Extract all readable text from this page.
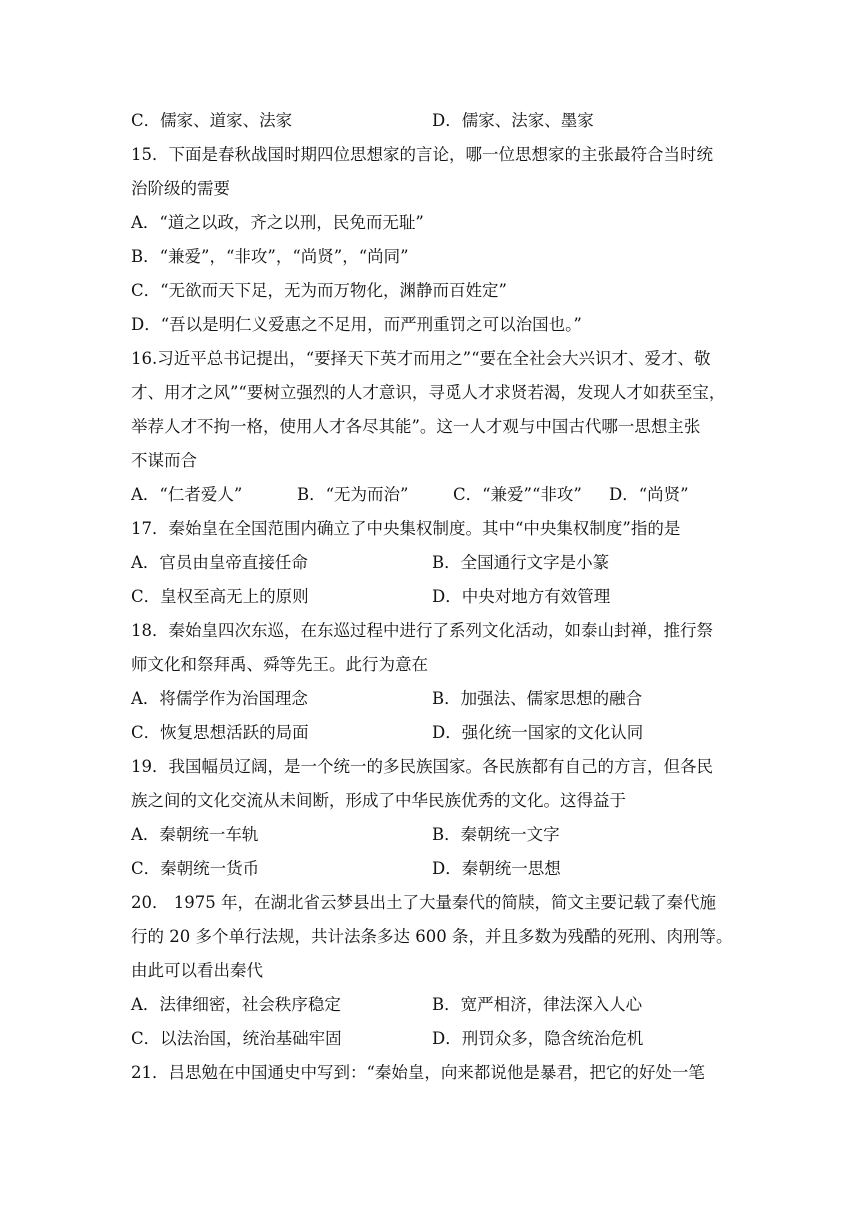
C．儒家、道家、法家	D．儒家、法家、墨家
15．下面是春秋战国时期四位思想家的言论，哪一位思想家的主张最符合当时统
治阶级的需要
A．“道之以政，齐之以刑，民免而无耻”
B．“兼爱”，“非攻”，“尚贤”，“尚同”
C．“无欲而天下足，无为而万物化，渊静而百姓定”
D．“吾以是明仁义爱惠之不足用，而严刑重罚之可以治国也。”
16.习近平总书记提出，“要择天下英才而用之”“要在全社会大兴识才、爱才、敬
才、用才之风”“要树立强烈的人才意识，寻觅人才求贤若渴，发现人才如获至宝，
举荐人才不拘一格，使用人才各尽其能”。这一人才观与中国古代哪一思想主张
不谋而合
A．“仁者爱人”	B．“无为而治”	C．“兼爱”“非攻” D．“尚贤”
17．秦始皇在全国范围内确立了中央集权制度。其中“中央集权制度”指的是
A．官员由皇帝直接任命	B．全国通行文字是小篆
C．皇权至高无上的原则	D．中央对地方有效管理
18．秦始皇四次东巡，在东巡过程中进行了系列文化活动，如泰山封禅，推行祭
师文化和祭拜禹、舜等先王。此行为意在
A．将儒学作为治国理念	B．加强法、儒家思想的融合
C．恢复思想活跃的局面	D．强化统一国家的文化认同
19．我国幅员辽阔，是一个统一的多民族国家。各民族都有自己的方言，但各民
族之间的文化交流从未间断，形成了中华民族优秀的文化。这得益于
A．秦朝统一车轨	B．秦朝统一文字
C．秦朝统一货币	D．秦朝统一思想
20． 1975 年，在湖北省云梦县出土了大量秦代的简牍，简文主要记载了秦代施
行的 20 多个单行法规，共计法条多达 600 条，并且多数为残酷的死刑、肉刑等。
由此可以看出秦代
A．法律细密，社会秩序稳定	B．宽严相济，律法深入人心
C．以法治国，统治基础牢固	D．刑罚众多，隐含统治危机
21．吕思勉在中国通史中写到：“秦始皇，向来都说他是暴君，把它的好处一笔
